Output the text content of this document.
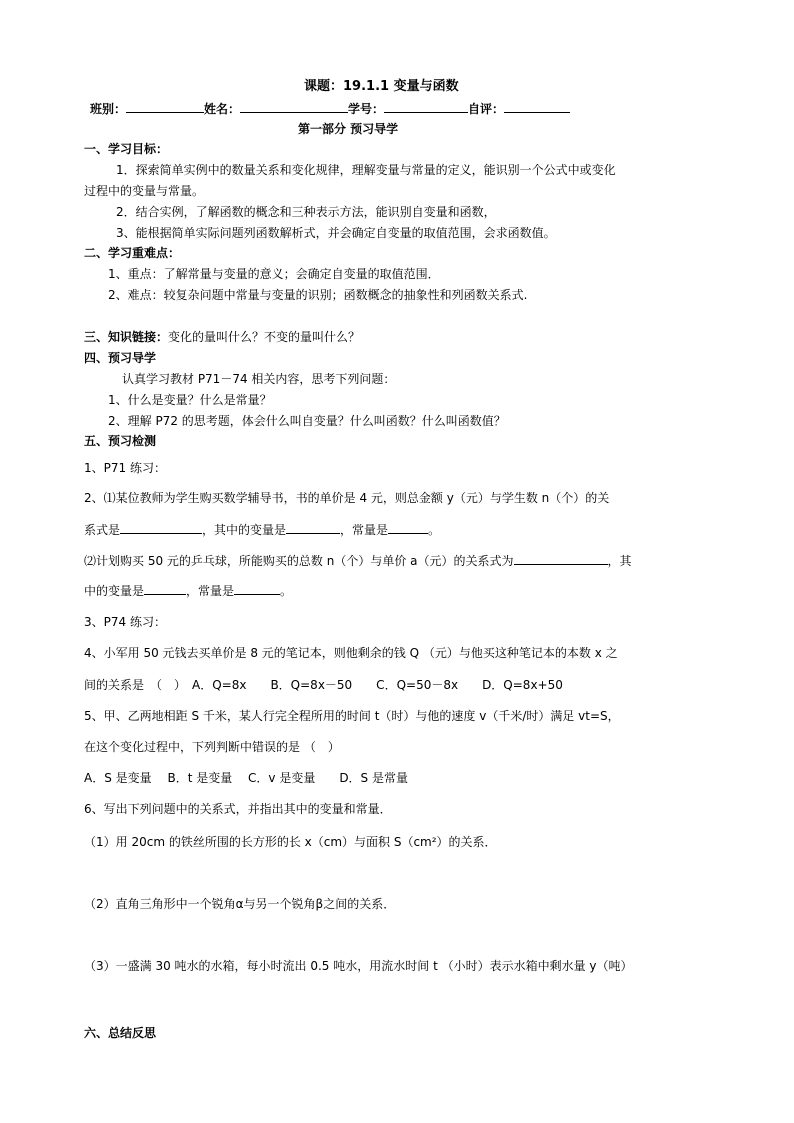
课题：19.1.1 变量与函数
班别：	姓名：	学号：	自评：
第一部分 预习导学
一、学习目标：
1．探索简单实例中的数量关系和变化规律，理解变量与常量的定义，能识别一个公式中或变化
过程中的变量与常量。
2．结合实例，了解函数的概念和三种表示方法，能识别自变量和函数，
3、能根据简单实际问题列函数解析式，并会确定自变量的取值范围，会求函数值。
二、学习重难点：
1、重点：了解常量与变量的意义；会确定自变量的取值范围．
2、难点：较复杂问题中常量与变量的识别；函数概念的抽象性和列函数关系式.
三、知识链接：变化的量叫什么？不变的量叫什么？
四、预习导学
认真学习教材 P71－74 相关内容，思考下列问题：
1、什么是变量？什么是常量？
2、理解 P72 的思考题，体会什么叫自变量？什么叫函数？什么叫函数值？
五、预习检测
1、P71 练习：
2、⑴某位教师为学生购买数学辅导书，书的单价是 4 元，则总金额 y（元）与学生数 n（个）的关
系式是	，其中的变量是	，常量是	。
⑵计划购买 50 元的乒乓球，所能购买的总数 n（个）与单价 a（元）的关系式为	，其
中的变量是	，常量是	。
3、P74 练习：
4、小军用 50 元钱去买单价是 8 元的笔记本，则他剩余的钱 Q （元）与他买这种笔记本的本数 x 之
间的关系是　（　）　A．Q=8x　　B．Q=8x－50　　C．Q=50－8x　　D．Q=8x+50
5、甲、乙两地相距 S 千米，某人行完全程所用的时间 t（时）与他的速度 v（千米/时）满足 vt=S，
在这个变化过程中，下列判断中错误的是 （　）
A．S 是变量　 B．t 是变量　 C．v 是变量　　D．S 是常量
6、写出下列问题中的关系式，并指出其中的变量和常量．
（1）用 20cm 的铁丝所围的长方形的长 x（cm）与面积 S（cm²）的关系．
（2）直角三角形中一个锐角α与另一个锐角β之间的关系．
（3）一盛满 30 吨水的水箱，每小时流出 0.5 吨水，用流水时间 t （小时）表示水箱中剩水量 y（吨）
六、总结反思
